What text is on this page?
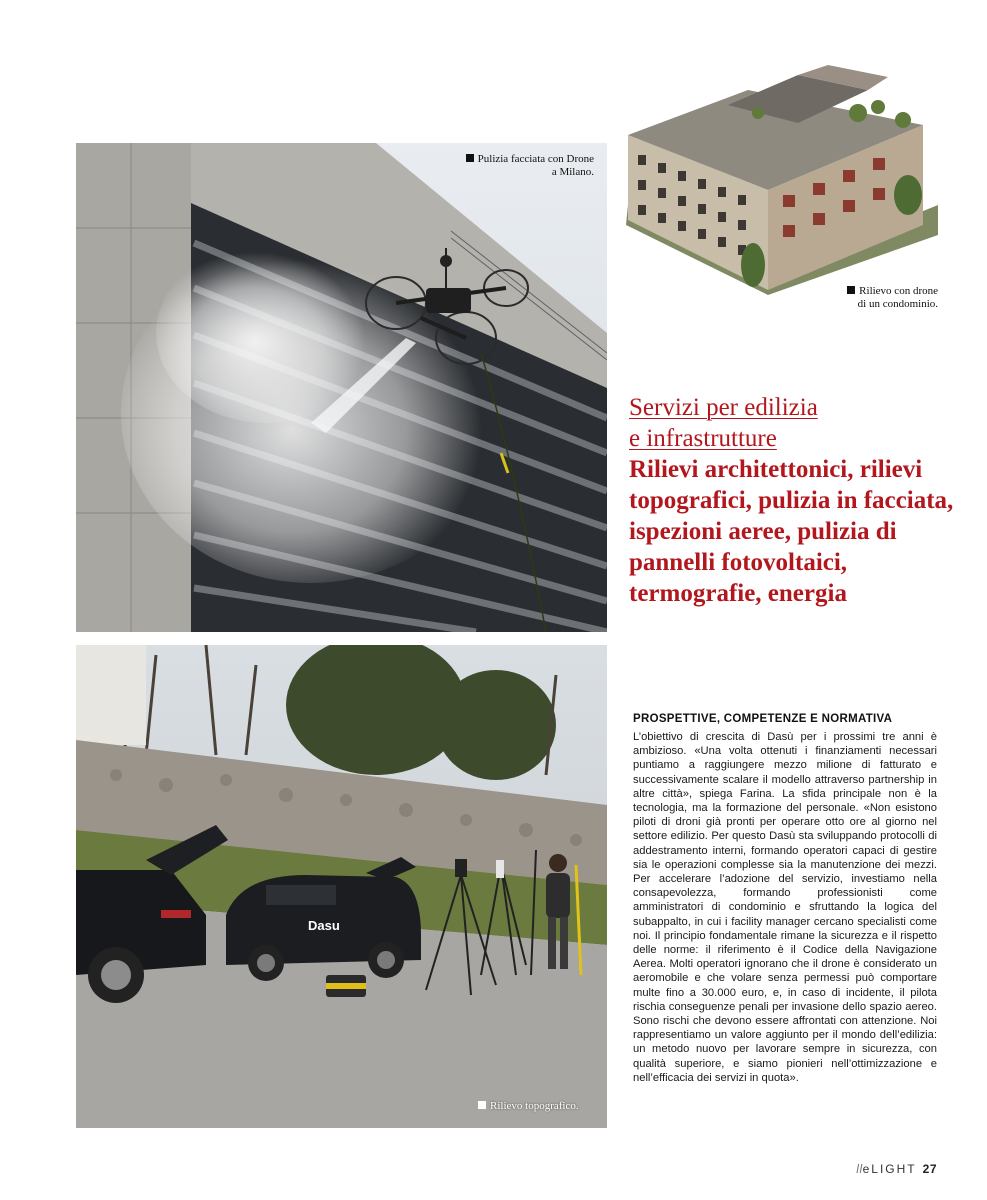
Pulizia facciata con Drone
a Milano.
Rilievo con drone
di un condominio.
Servizi per edilizia
e infrastrutture
Rilievi architettonici, rilievi topografici, pulizia in facciata, ispezioni aeree, pulizia di pannelli fotovoltaici, termografie, energia
Dasu
Rilievo topografico.
PROSPETTIVE, COMPETENZE E NORMATIVA
L’obiettivo di crescita di Dasù per i prossimi tre anni è ambizioso. «Una volta ottenuti i finanziamenti necessari puntiamo a raggiungere mezzo milione di fatturato e successivamente scalare il modello attraverso partnership in altre città», spiega Farina. La sfida principale non è la tecnologia, ma la formazione del personale. «Non esistono piloti di droni già pronti per operare otto ore al giorno nel settore edilizio. Per questo Dasù sta sviluppando protocolli di addestramento interni, formando operatori capaci di gestire sia le operazioni complesse sia la manutenzione dei mezzi. Per accelerare l’adozione del servizio, investiamo nella consapevolezza, formando professionisti come amministratori di condominio e sfruttando la logica del subappalto, in cui i facility manager cercano specialisti come noi. Il principio fondamentale rimane la sicurezza e il rispetto delle norme: il riferimento è il Codice della Navigazione Aerea. Molti operatori ignorano che il drone è considerato un aeromobile e che volare senza permessi può comportare multe fino a 30.000 euro, e, in caso di incidente, il pilota rischia conseguenze penali per invasione dello spazio aereo. Sono rischi che devono essere affrontati con attenzione. Noi rappresentiamo un valore aggiunto per il mondo dell’edilizia: un metodo nuovo per lavorare sempre in sicurezza, con qualità superiore, e siamo pionieri nell’ottimizzazione e nell’efficacia dei servizi in quota».
lleLIGHT 27
